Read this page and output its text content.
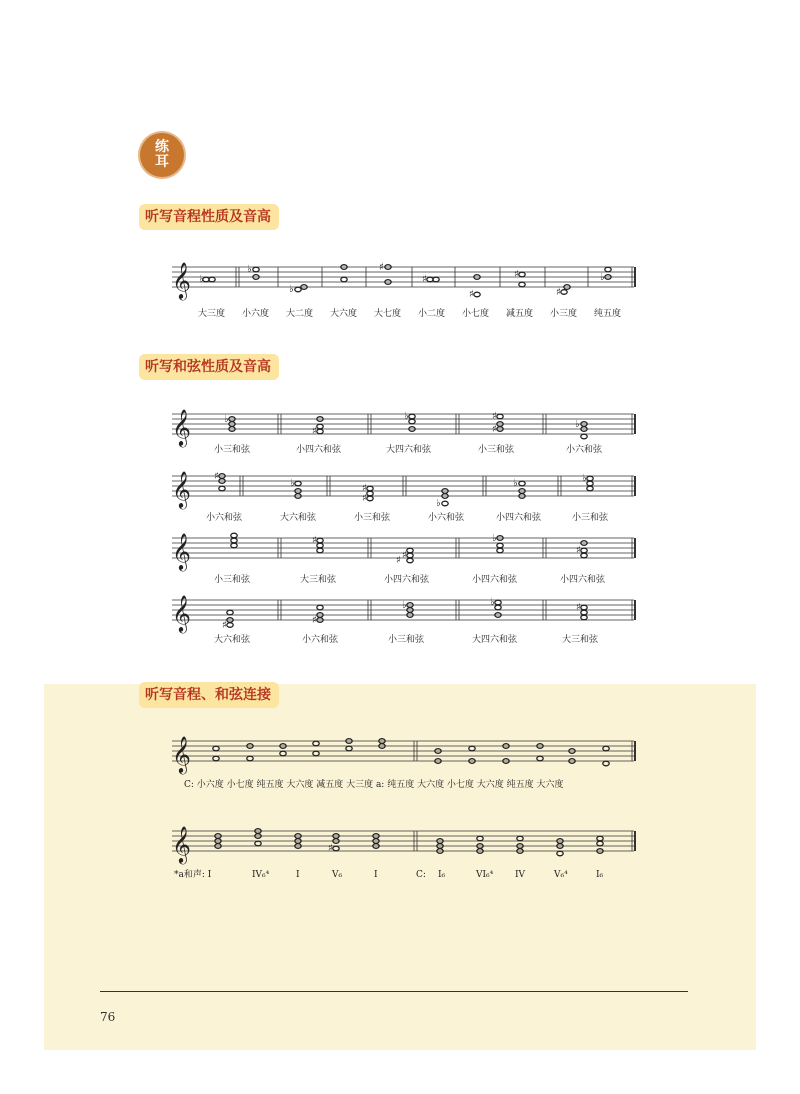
练
耳
听写音程性质及音高
听写和弦性质及音高
听写音程、和弦连接
𝄞 ♭
♭
♭
♯
♯
♯
♯
♯
♭
大三度 小六度 大二度 大六度 大七度 小二度 小七度 减五度 小三度 纯五度
𝄞	♭
♯
♭	♯
♯	♭
小三和弦	小四六和弦	大四六和弦	小三和弦	小六和弦
𝄞 ♯
♭	♯
♯	♭
♭	♭
小六和弦	大六和弦	小三和弦	小六和弦	小四六和弦	小三和弦
𝄞	♯
♯
♯
♭
♯
小三和弦	大三和弦	小四六和弦	小四六和弦	小四六和弦
𝄞	♯	♯
♭	♭	♯
大六和弦	小六和弦	小三和弦	大四六和弦	大三和弦
𝄞
C: 小六度 小七度 纯五度 大六度 减五度 大三度 a: 纯五度 大六度 小七度 大六度 纯五度 大六度
𝄞	♯
*a和声: I	IV₆⁴	I	V₆	I	C: I₆	VI₆⁴ IV	V₆⁴	I₆
76
